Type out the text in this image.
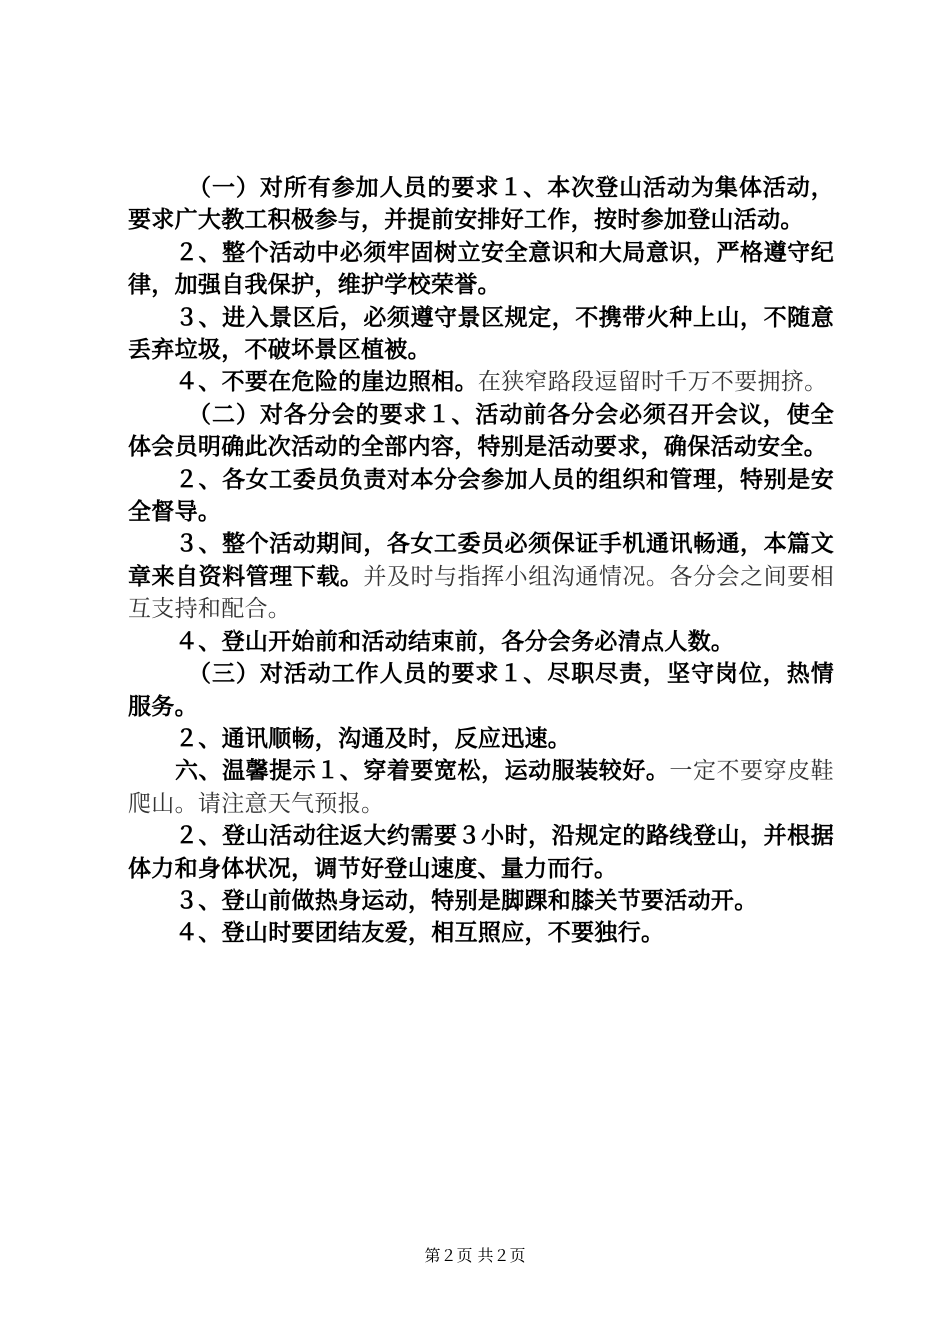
（一）对所有参加人员的要求１、本次登山活动为集体活动，要求广大教工积极参与，并提前安排好工作，按时参加登山活动。

２、整个活动中必须牢固树立安全意识和大局意识，严格遵守纪律，加强自我保护，维护学校荣誉。

３、进入景区后，必须遵守景区规定，不携带火种上山，不随意丢弃垃圾，不破坏景区植被。

４、不要在危险的崖边照相。在狭窄路段逗留时千万不要拥挤。

（二）对各分会的要求１、活动前各分会必须召开会议，使全体会员明确此次活动的全部内容，特别是活动要求，确保活动安全。

２、各女工委员负责对本分会参加人员的组织和管理，特别是安全督导。

３、整个活动期间，各女工委员必须保证手机通讯畅通，本篇文章来自资料管理下载。并及时与指挥小组沟通情况。各分会之间要相互支持和配合。

４、登山开始前和活动结束前，各分会务必清点人数。

（三）对活动工作人员的要求１、尽职尽责，坚守岗位，热情服务。

２、通讯顺畅，沟通及时，反应迅速。

六、温馨提示１、穿着要宽松，运动服装较好。一定不要穿皮鞋爬山。请注意天气预报。

２、登山活动往返大约需要３小时，沿规定的路线登山，并根据体力和身体状况，调节好登山速度、量力而行。

３、登山前做热身运动，特别是脚踝和膝关节要活动开。

４、登山时要团结友爱，相互照应，不要独行。

第２页 共２页
